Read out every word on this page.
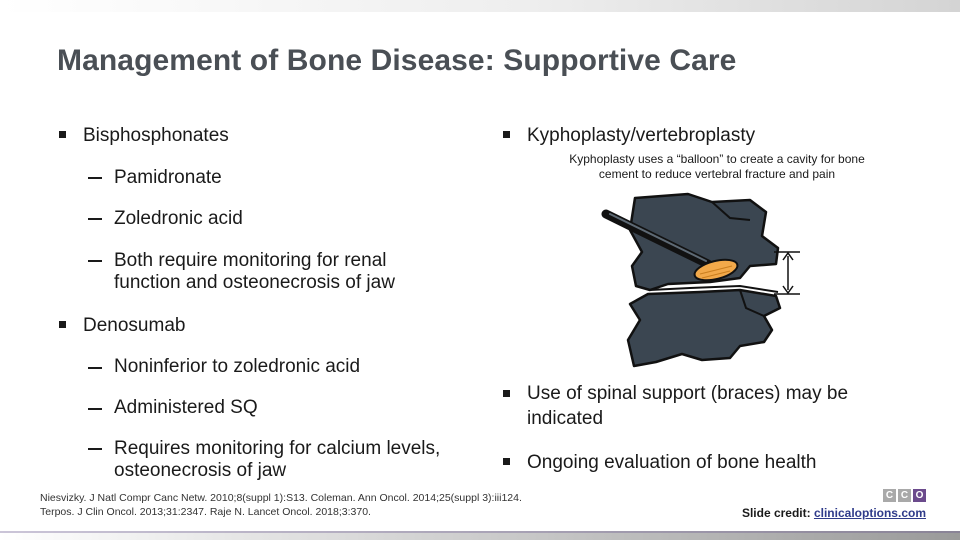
Management of Bone Disease: Supportive Care
Bisphosphonates
Pamidronate
Zoledronic acid
Both require monitoring for renal
function and osteonecrosis of jaw
Denosumab
Noninferior to zoledronic acid
Administered SQ
Requires monitoring for calcium levels,
osteonecrosis of jaw
Kyphoplasty/vertebroplasty
Kyphoplasty uses a “balloon” to create a cavity for bone
cement to reduce vertebral fracture and pain
Use of spinal support (braces) may be
indicated
Ongoing evaluation of bone health
Niesvizky. J Natl Compr Canc Netw. 2010;8(suppl 1):S13. Coleman. Ann Oncol. 2014;25(suppl 3):iii124.
Terpos. J Clin Oncol. 2013;31:2347. Raje N. Lancet Oncol. 2018;3:370.
C C O
Slide credit: clinicaloptions.com
